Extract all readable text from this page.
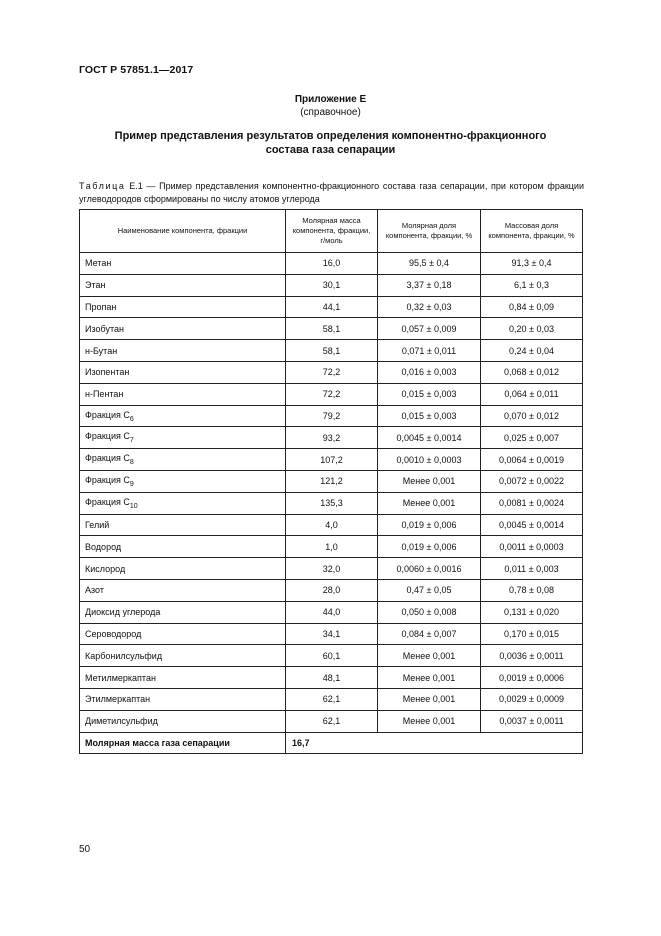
ГОСТ Р 57851.1—2017
Приложение Е
(справочное)
Пример представления результатов определения компонентно-фракционного состава газа сепарации
Таблица Е.1 — Пример представления компонентно-фракционного состава газа сепарации, при котором фракции углеводородов сформированы по числу атомов углерода
Наименование компонента, фракции	Молярная масса компонента, фракции, г/моль	Молярная доля компонента, фракции, %	Массовая доля компонента, фракции, %
Метан	16,0	95,5 ± 0,4	91,3 ± 0,4
Этан	30,1	3,37 ± 0,18	6,1 ± 0,3
Пропан	44,1	0,32 ± 0,03	0,84 ± 0,09
Изобутан	58,1	0,057 ± 0,009	0,20 ± 0,03
н-Бутан	58,1	0,071 ± 0,011	0,24 ± 0,04
Изопентан	72,2	0,016 ± 0,003	0,068 ± 0,012
н-Пентан	72,2	0,015 ± 0,003	0,064 ± 0,011
Фракция $С_6$	79,2	0,015 ± 0,003	0,070 ± 0,012
Фракция $С_7$	93,2	0,0045 ± 0,0014	0,025 ± 0,007
Фракция $С_8$	107,2	0,0010 ± 0,0003	0,0064 ± 0,0019
Фракция $С_9$	121,2	Менее 0,001	0,0072 ± 0,0022
Фракция $С_{10}$	135,3	Менее 0,001	0,0081 ± 0,0024
Гелий	4,0	0,019 ± 0,006	0,0045 ± 0,0014
Водород	1,0	0,019 ± 0,006	0,0011 ± 0,0003
Кислород	32,0	0,0060 ± 0,0016	0,011 ± 0,003
Азот	28,0	0,47 ± 0,05	0,78 ± 0,08
Диоксид углерода	44,0	0,050 ± 0,008	0,131 ± 0,020
Сероводород	34,1	0,084 ± 0,007	0,170 ± 0,015
Карбонилсульфид	60,1	Менее 0,001	0,0036 ± 0,0011
Метилмеркаптан	48,1	Менее 0,001	0,0019 ± 0,0006
Этилмеркаптан	62,1	Менее 0,001	0,0029 ± 0,0009
Диметилсульфид	62,1	Менее 0,001	0,0037 ± 0,0011
Молярная масса газа сепарации	16,7		
50
